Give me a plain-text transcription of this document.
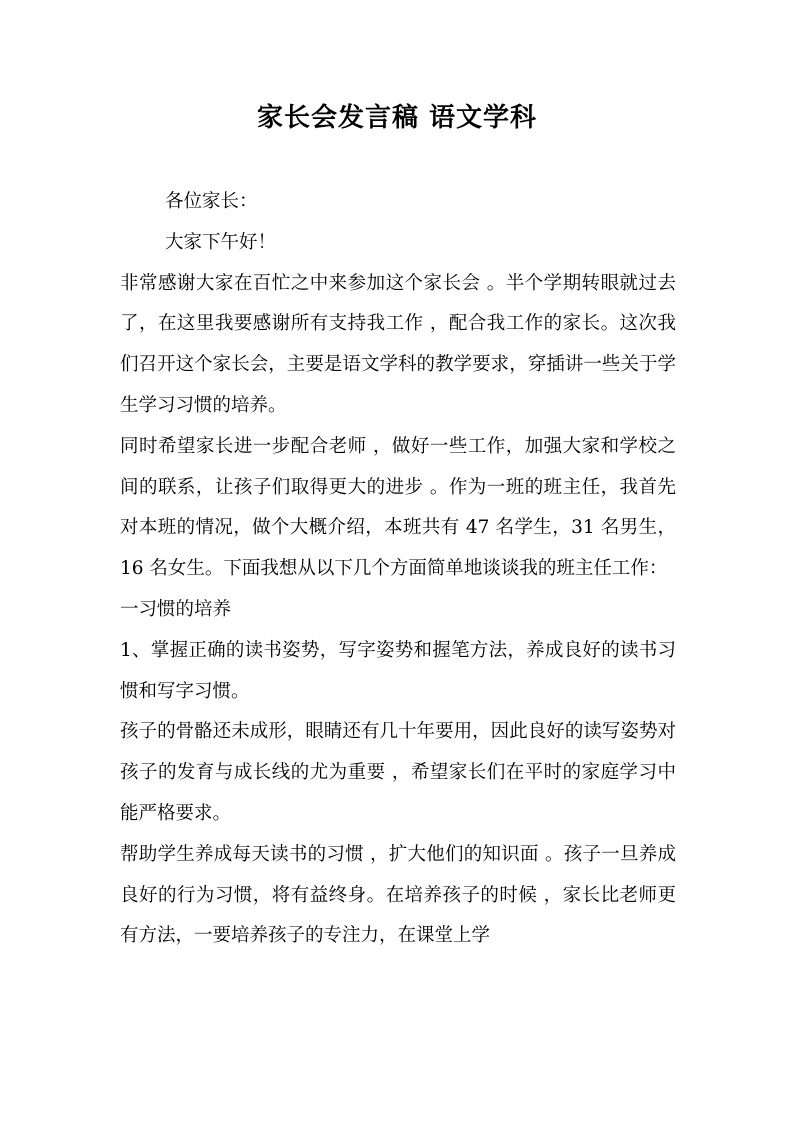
家长会发言稿 语文学科

各位家长：

大家下午好！

非常感谢大家在百忙之中来参加这个家长会 。半个学期转眼就过去了，在这里我要感谢所有支持我工作 ，配合我工作的家长。这次我们召开这个家长会，主要是语文学科的教学要求，穿插讲一些关于学生学习习惯的培养。

同时希望家长进一步配合老师 ，做好一些工作，加强大家和学校之间的联系，让孩子们取得更大的进步 。作为一班的班主任，我首先对本班的情况，做个大概介绍，本班共有 47 名学生，31 名男生，16 名女生。下面我想从以下几个方面简单地谈谈我的班主任工作：

一习惯的培养

1、掌握正确的读书姿势，写字姿势和握笔方法，养成良好的读书习惯和写字习惯。

孩子的骨骼还未成形，眼睛还有几十年要用，因此良好的读写姿势对孩子的发育与成长线的尤为重要 ，希望家长们在平时的家庭学习中能严格要求。

帮助学生养成每天读书的习惯 ，扩大他们的知识面 。孩子一旦养成良好的行为习惯，将有益终身。在培养孩子的时候 ，家长比老师更有方法，一要培养孩子的专注力，在课堂上学
